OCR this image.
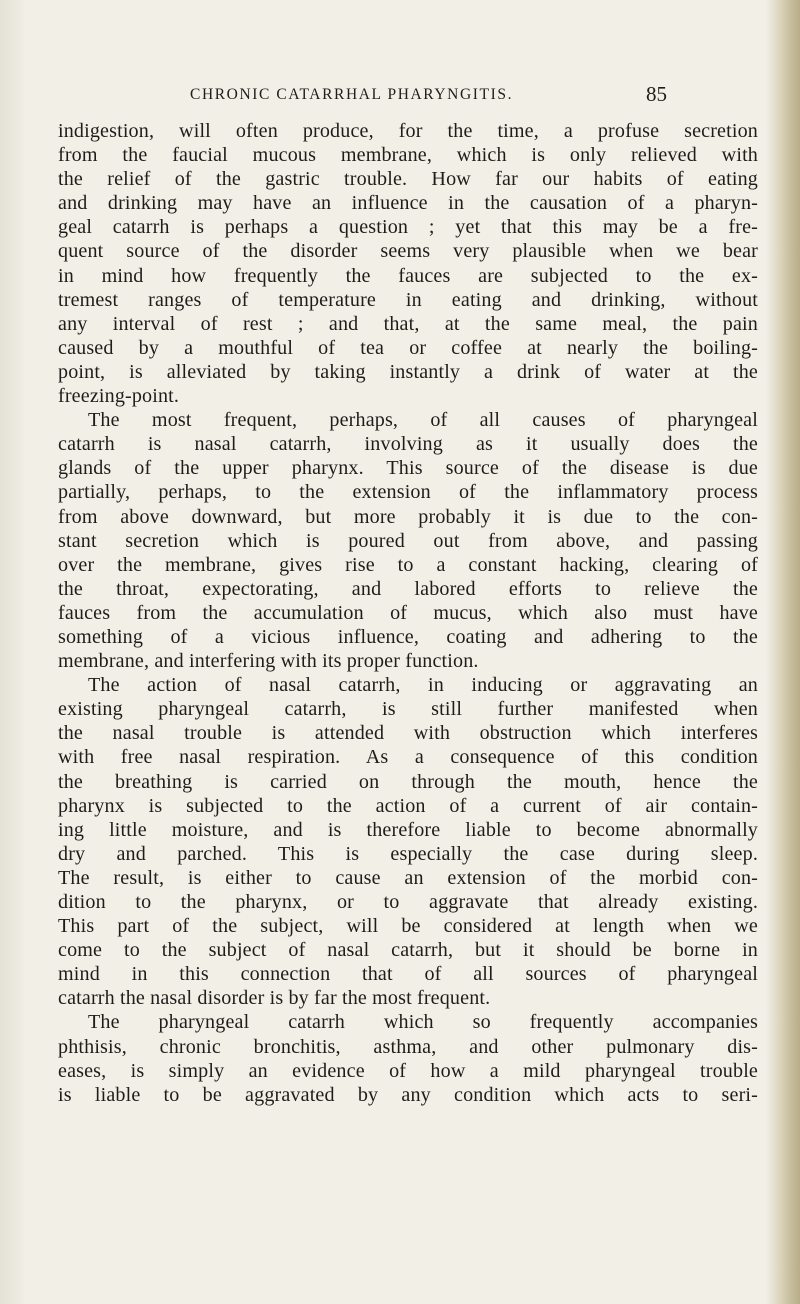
CHRONIC CATARRHAL PHARYNGITIS.	85
indigestion, will often produce, for the time, a profuse secretion
from the faucial mucous membrane, which is only relieved with
the relief of the gastric trouble. How far our habits of eating
and drinking may have an influence in the causation of a pharyn-
geal catarrh is perhaps a question ; yet that this may be a fre-
quent source of the disorder seems very plausible when we bear
in mind how frequently the fauces are subjected to the ex-
tremest ranges of temperature in eating and drinking, without
any interval of rest ; and that, at the same meal, the pain
caused by a mouthful of tea or coffee at nearly the boiling-
point, is alleviated by taking instantly a drink of water at the
freezing-point.
The most frequent, perhaps, of all causes of pharyngeal
catarrh is nasal catarrh, involving as it usually does the
glands of the upper pharynx. This source of the disease is due
partially, perhaps, to the extension of the inflammatory process
from above downward, but more probably it is due to the con-
stant secretion which is poured out from above, and passing
over the membrane, gives rise to a constant hacking, clearing of
the throat, expectorating, and labored efforts to relieve the
fauces from the accumulation of mucus, which also must have
something of a vicious influence, coating and adhering to the
membrane, and interfering with its proper function.
The action of nasal catarrh, in inducing or aggravating an
existing pharyngeal catarrh, is still further manifested when
the nasal trouble is attended with obstruction which interferes
with free nasal respiration. As a consequence of this condition
the breathing is carried on through the mouth, hence the
pharynx is subjected to the action of a current of air contain-
ing little moisture, and is therefore liable to become abnormally
dry and parched. This is especially the case during sleep.
The result, is either to cause an extension of the morbid con-
dition to the pharynx, or to aggravate that already existing.
This part of the subject, will be considered at length when we
come to the subject of nasal catarrh, but it should be borne in
mind in this connection that of all sources of pharyngeal
catarrh the nasal disorder is by far the most frequent.
The pharyngeal catarrh which so frequently accompanies
phthisis, chronic bronchitis, asthma, and other pulmonary dis-
eases, is simply an evidence of how a mild pharyngeal trouble
is liable to be aggravated by any condition which acts to seri-
